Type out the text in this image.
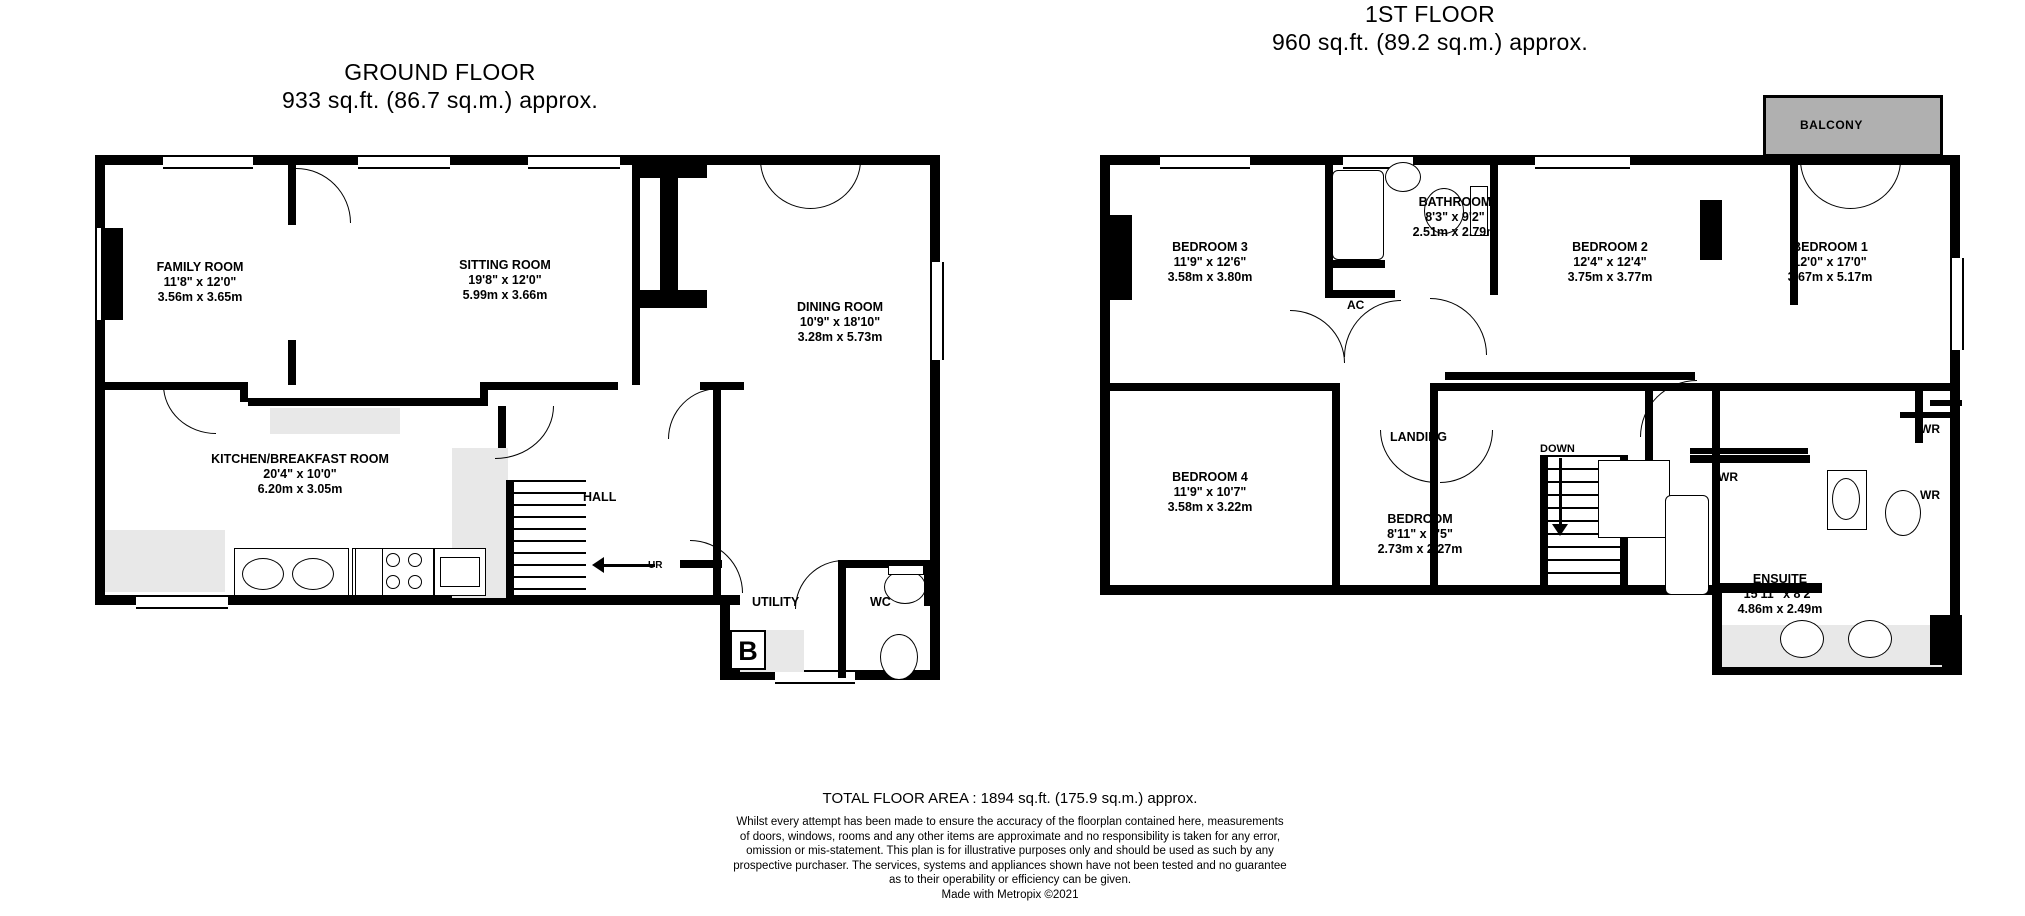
GROUND FLOOR
933 sq.ft. (86.7 sq.m.) approx.
1ST FLOOR
960 sq.ft. (89.2 sq.m.) approx.
B
FAMILY ROOM
11'8" x 12'0"
3.56m x 3.65m
SITTING ROOM
19'8" x 12'0"
5.99m x 3.66m
DINING ROOM
10'9" x 18'10"
3.28m x 5.73m
KITCHEN/BREAKFAST ROOM
20'4" x 10'0"
6.20m x 3.05m
HALL
UTILITY	WC
UR
BALCONY
AC
DOWN
WR
WR
WR
BATHROOM
8'3" x 9'2"
2.51m x 2.79m
BEDROOM 3
11'9" x 12'6"
3.58m x 3.80m
BEDROOM 2
12'4" x 12'4"
3.75m x 3.77m
BEDROOM 1
12'0" x 17'0"
3.67m x 5.17m
BEDROOM 4
11'9" x 10'7"
3.58m x 3.22m
BEDROOM
8'11" x 7'5"
2.73m x 2.27m
ENSUITE
15'11" x 8'2"
4.86m x 2.49m
LANDING
TOTAL FLOOR AREA : 1894 sq.ft. (175.9 sq.m.) approx.
Whilst every attempt has been made to ensure the accuracy of the floorplan contained here, measurements
of doors, windows, rooms and any other items are approximate and no responsibility is taken for any error,
omission or mis-statement. This plan is for illustrative purposes only and should be used as such by any
prospective purchaser. The services, systems and appliances shown have not been tested and no guarantee
as to their operability or efficiency can be given.
Made with Metropix ©2021
